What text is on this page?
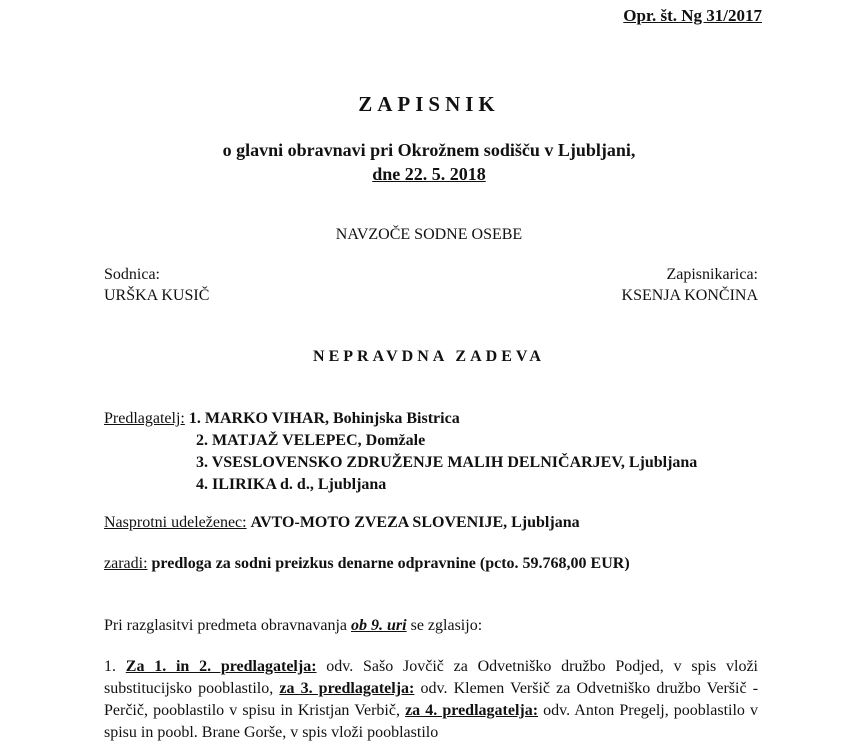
Opr. št. Ng 31/2017
ZAPISNIK
o glavni obravnavi pri Okrožnem sodišču v Ljubljani,
dne 22. 5. 2018
NAVZOČE SODNE OSEBE
Sodnica:
URŠKA KUSIČ
Zapisnikarica:
KSENJA KONČINA
NEPRAVDNA ZADEVA
Predlagatelj: 1. MARKO VIHAR, Bohinjska Bistrica
2. MATJAŽ VELEPEC, Domžale
3. VSESLOVENSKO ZDRUŽENJE MALIH DELNIČARJEV, Ljubljana
4. ILIRIKA d. d., Ljubljana
Nasprotni udeleženec: AVTO-MOTO ZVEZA SLOVENIJE, Ljubljana
zaradi: predloga za sodni preizkus denarne odpravnine (pcto. 59.768,00 EUR)
Pri razglasitvi predmeta obravnavanja ob 9. uri se zglasijo:
1. Za 1. in 2. predlagatelja: odv. Sašo Jovčič za Odvetniško družbo Podjed, v spis vloži substitucijsko pooblastilo, za 3. predlagatelja: odv. Klemen Veršič za Odvetniško družbo Veršič - Perčič, pooblastilo v spisu in Kristjan Verbič, za 4. predlagatelja: odv. Anton Pregelj, pooblastilo v spisu in poobl. Brane Gorše, v spis vloži pooblastilo
